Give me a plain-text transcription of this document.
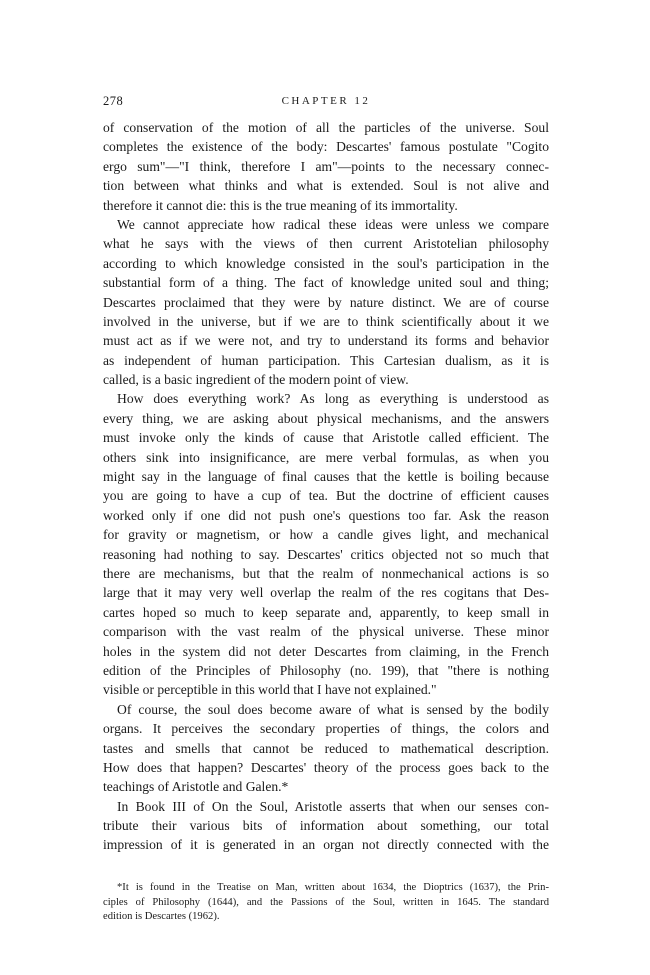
278	CHAPTER 12
of conservation of the motion of all the particles of the universe. Soul
completes the existence of the body: Descartes' famous postulate "Cogito
ergo sum"—"I think, therefore I am"—points to the necessary connec-
tion between what thinks and what is extended. Soul is not alive and
therefore it cannot die: this is the true meaning of its immortality.
We cannot appreciate how radical these ideas were unless we compare
what he says with the views of then current Aristotelian philosophy
according to which knowledge consisted in the soul's participation in the
substantial form of a thing. The fact of knowledge united soul and thing;
Descartes proclaimed that they were by nature distinct. We are of course
involved in the universe, but if we are to think scientifically about it we
must act as if we were not, and try to understand its forms and behavior
as independent of human participation. This Cartesian dualism, as it is
called, is a basic ingredient of the modern point of view.
How does everything work? As long as everything is understood as
every thing, we are asking about physical mechanisms, and the answers
must invoke only the kinds of cause that Aristotle called efficient. The
others sink into insignificance, are mere verbal formulas, as when you
might say in the language of final causes that the kettle is boiling because
you are going to have a cup of tea. But the doctrine of efficient causes
worked only if one did not push one's questions too far. Ask the reason
for gravity or magnetism, or how a candle gives light, and mechanical
reasoning had nothing to say. Descartes' critics objected not so much that
there are mechanisms, but that the realm of nonmechanical actions is so
large that it may very well overlap the realm of the res cogitans that Des-
cartes hoped so much to keep separate and, apparently, to keep small in
comparison with the vast realm of the physical universe. These minor
holes in the system did not deter Descartes from claiming, in the French
edition of the Principles of Philosophy (no. 199), that "there is nothing
visible or perceptible in this world that I have not explained."
Of course, the soul does become aware of what is sensed by the bodily
organs. It perceives the secondary properties of things, the colors and
tastes and smells that cannot be reduced to mathematical description.
How does that happen? Descartes' theory of the process goes back to the
teachings of Aristotle and Galen.*
In Book III of On the Soul, Aristotle asserts that when our senses con-
tribute their various bits of information about something, our total
impression of it is generated in an organ not directly connected with the
*It is found in the Treatise on Man, written about 1634, the Dioptrics (1637), the Prin-
ciples of Philosophy (1644), and the Passions of the Soul, written in 1645. The standard
edition is Descartes (1962).
